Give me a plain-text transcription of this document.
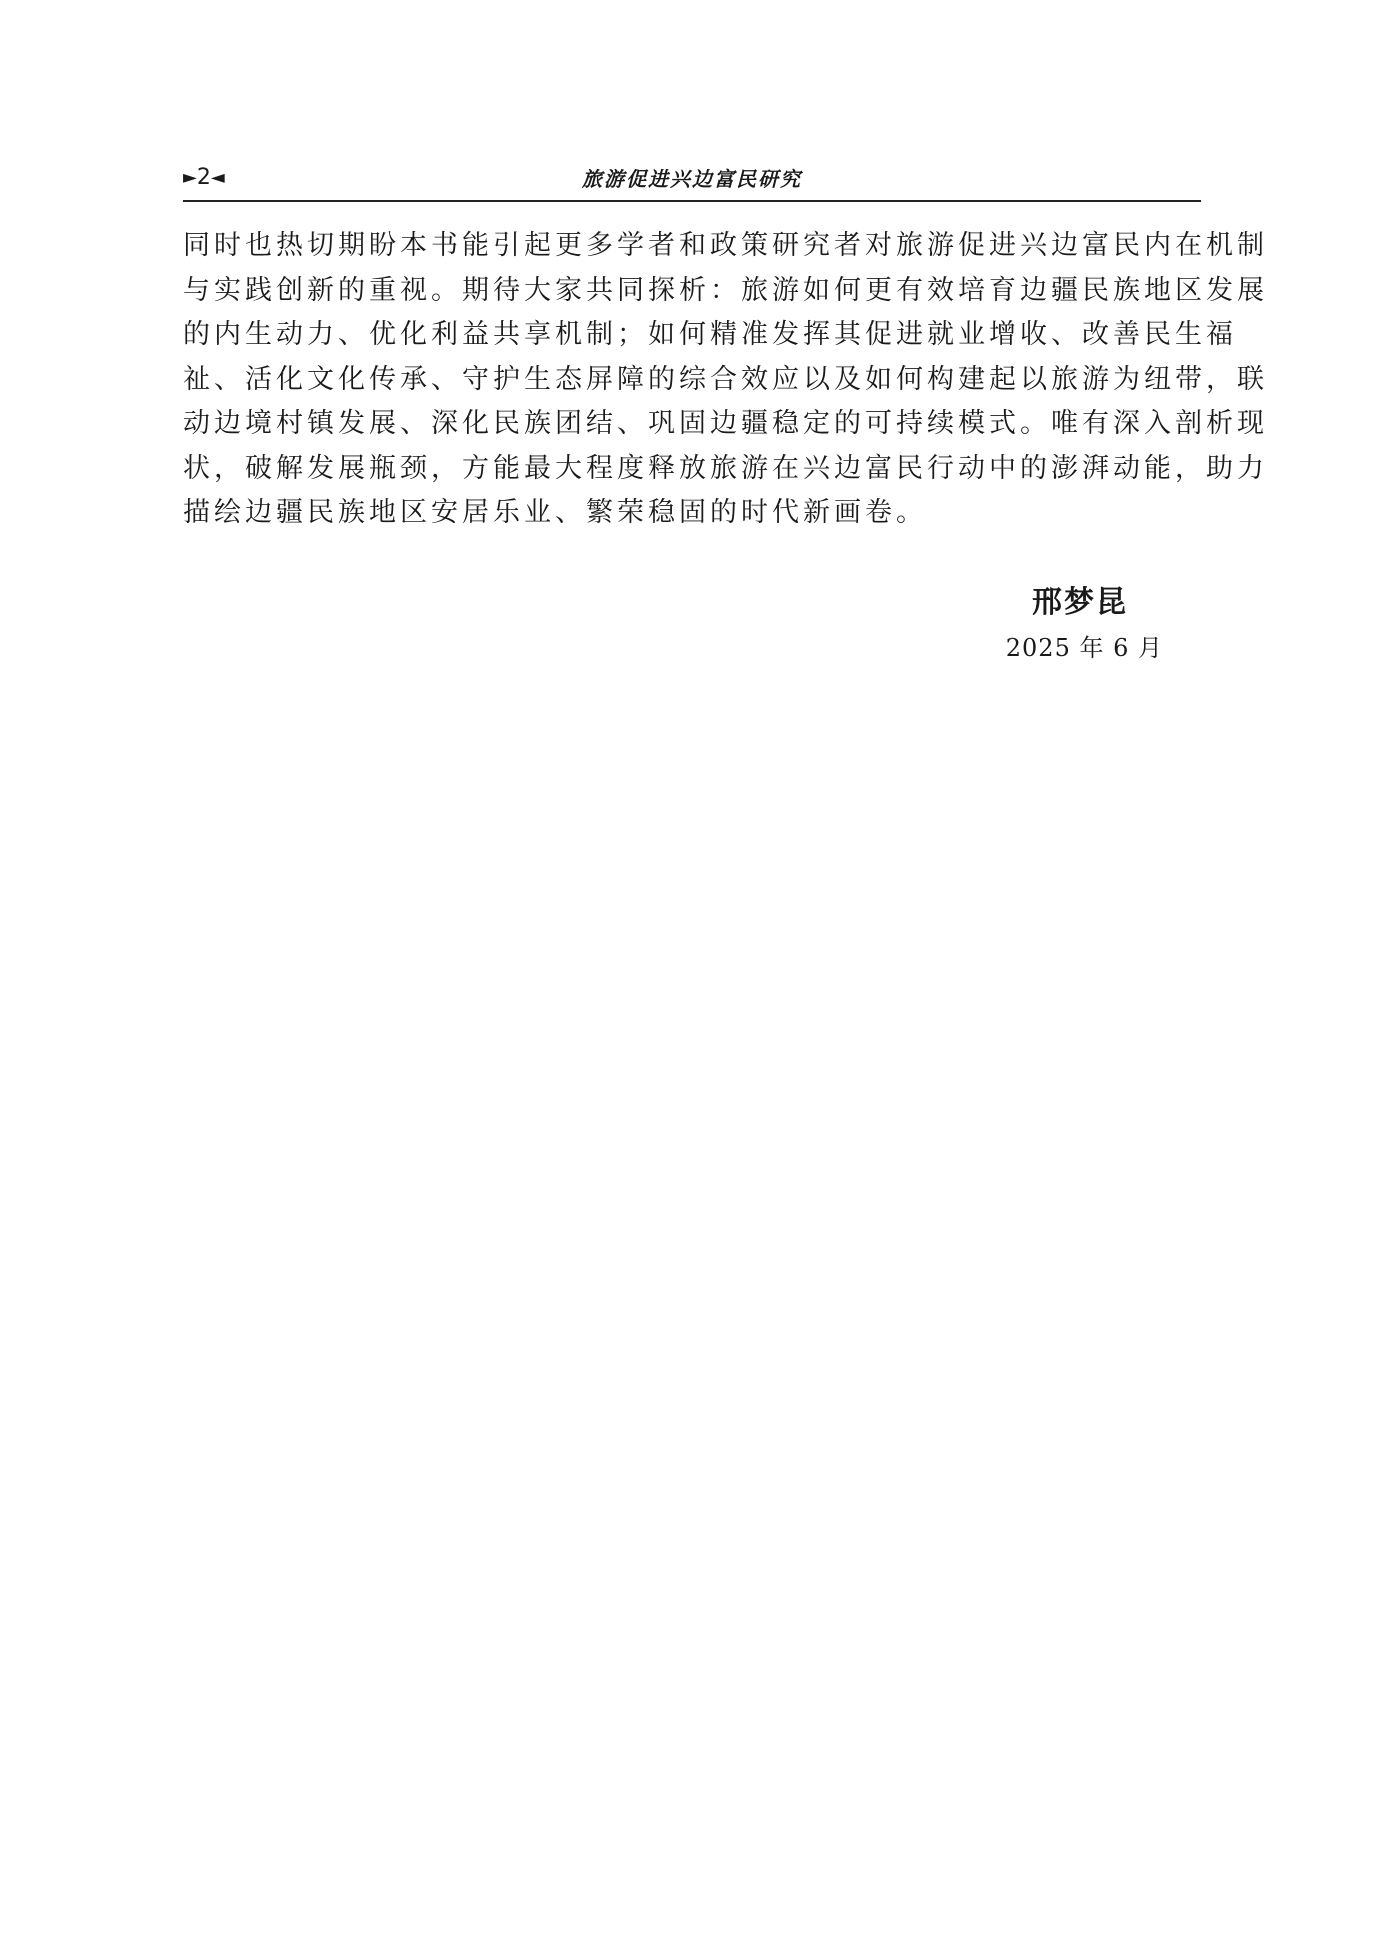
►2◄	旅游促进兴边富民研究
同时也热切期盼本书能引起更多学者和政策研究者对旅游促进兴边富民内在机制
与实践创新的重视。期待大家共同探析：旅游如何更有效培育边疆民族地区发展
的内生动力、优化利益共享机制；如何精准发挥其促进就业增收、改善民生福
祉、活化文化传承、守护生态屏障的综合效应以及如何构建起以旅游为纽带，联
动边境村镇发展、深化民族团结、巩固边疆稳定的可持续模式。唯有深入剖析现
状，破解发展瓶颈，方能最大程度释放旅游在兴边富民行动中的澎湃动能，助力
描绘边疆民族地区安居乐业、繁荣稳固的时代新画卷。
邢梦昆
2025 年 6 月
